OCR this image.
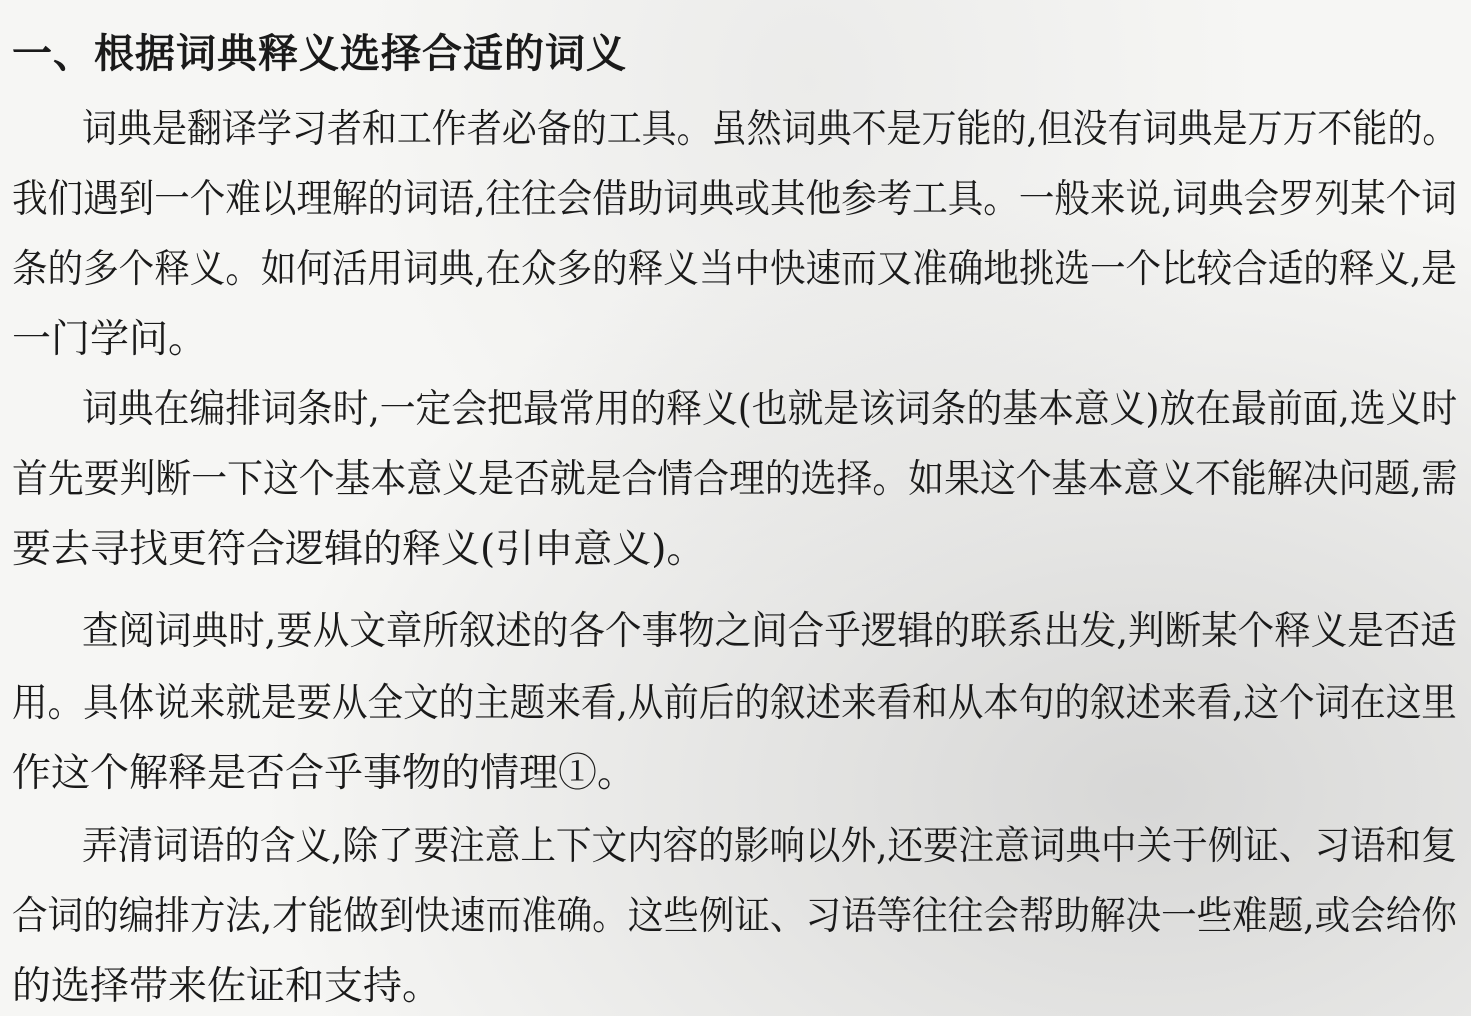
一、根据词典释义选择合适的词义
词典是翻译学习者和工作者必备的工具。虽然词典不是万能的,但没有词典是万万不能的。
我们遇到一个难以理解的词语,往往会借助词典或其他参考工具。一般来说,词典会罗列某个词
条的多个释义。如何活用词典,在众多的释义当中快速而又准确地挑选一个比较合适的释义,是
一门学问。
词典在编排词条时,一定会把最常用的释义(也就是该词条的基本意义)放在最前面,选义时
首先要判断一下这个基本意义是否就是合情合理的选择。如果这个基本意义不能解决问题,需
要去寻找更符合逻辑的释义(引申意义)。
查阅词典时,要从文章所叙述的各个事物之间合乎逻辑的联系出发,判断某个释义是否适
用。具体说来就是要从全文的主题来看,从前后的叙述来看和从本句的叙述来看,这个词在这里
作这个解释是否合乎事物的情理①。
弄清词语的含义,除了要注意上下文内容的影响以外,还要注意词典中关于例证、习语和复
合词的编排方法,才能做到快速而准确。这些例证、习语等往往会帮助解决一些难题,或会给你
的选择带来佐证和支持。
